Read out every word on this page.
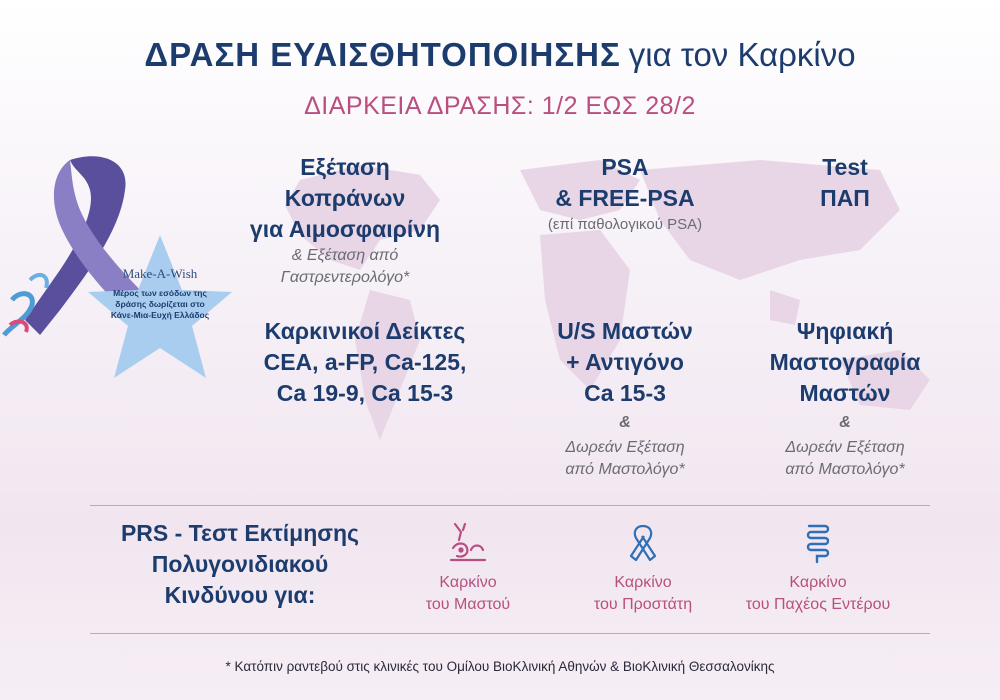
ΔΡΑΣΗ ΕΥΑΙΣΘΗΤΟΠΟΙΗΣΗΣ για τον Καρκίνο
ΔΙΑΡΚΕΙΑ ΔΡΑΣΗΣ: 1/2 ΕΩΣ 28/2
Make-A-Wish
Μέρος των εσόδων της δράσης δωρίζεται στο Κάνε-Μια-Ευχή Ελλάδος
Εξέταση
Κοπράνων
για Αιμοσφαιρίνη
& Εξέταση από
Γαστρεντερολόγο*
PSA
& FREE-PSA
(επί παθολογικού PSA)
Test
ΠΑΠ
Καρκινικοί Δείκτες
CEA, a-FP, Ca-125,
Ca 19-9, Ca 15-3
U/S Μαστών
+ Αντιγόνο
Ca 15-3
&
Δωρεάν Εξέταση
από Μαστολόγο*
Ψηφιακή
Μαστογραφία
Μαστών
&
Δωρεάν Εξέταση
από Μαστολόγο*
PRS - Τεστ Εκτίμησης
Πολυγονιδιακού
Κινδύνου για:	Καρκίνο
του Μαστού
Καρκίνο
του Προστάτη
Καρκίνο
του Παχέος Εντέρου
* Κατόπιν ραντεβού στις κλινικές του Ομίλου ΒιοΚλινική Αθηνών & ΒιοΚλινική Θεσσαλονίκης
